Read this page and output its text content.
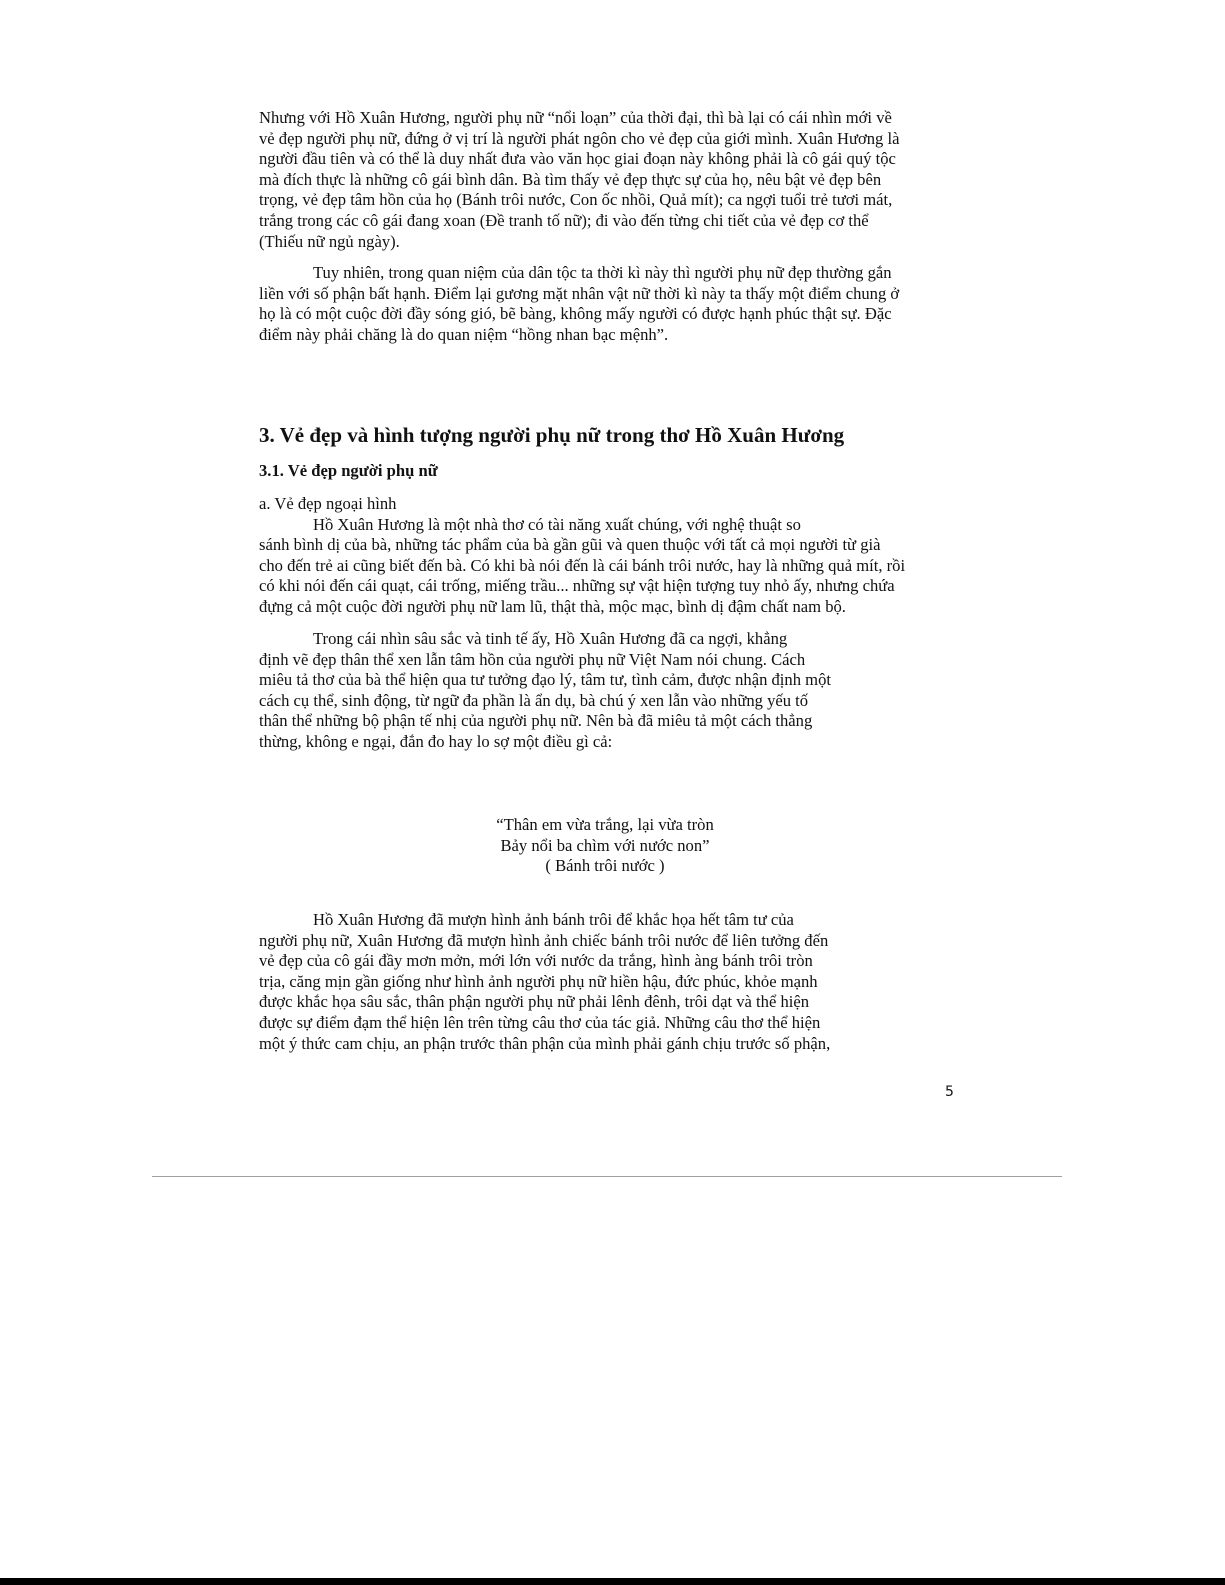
Nhưng với Hồ Xuân Hương, người phụ nữ “nổi loạn” của thời đại, thì bà lại có cái nhìn mới về
vẻ đẹp người phụ nữ, đứng ở vị trí là người phát ngôn cho vẻ đẹp của giới mình. Xuân Hương là
người đầu tiên và có thể là duy nhất đưa vào văn học giai đoạn này không phải là cô gái quý tộc
mà đích thực là những cô gái bình dân. Bà tìm thấy vẻ đẹp thực sự của họ, nêu bật vẻ đẹp bên
trọng, vẻ đẹp tâm hồn của họ (Bánh trôi nước, Con ốc nhồi, Quả mít); ca ngợi tuổi trẻ tươi mát,
trắng trong các cô gái đang xoan (Đề tranh tố nữ); đi vào đến từng chi tiết của vẻ đẹp cơ thể
(Thiếu nữ ngủ ngày).

Tuy nhiên, trong quan niệm của dân tộc ta thời kì này thì người phụ nữ đẹp thường gắn
liền với số phận bất hạnh. Điểm lại gương mặt nhân vật nữ thời kì này ta thấy một điểm chung ở
họ là có một cuộc đời đầy sóng gió, bẽ bàng, không mấy người có được hạnh phúc thật sự. Đặc
điểm này phải chăng là do quan niệm “hồng nhan bạc mệnh”.

3. Vẻ đẹp và hình tượng người phụ nữ trong thơ Hồ Xuân Hương
3.1. Vẻ đẹp người phụ nữ

a. Vẻ đẹp ngoại hình
Hồ Xuân Hương là một nhà thơ có tài năng xuất chúng, với nghệ thuật so
sánh bình dị của bà, những tác phẩm của bà gần gũi và quen thuộc với tất cả mọi người từ già
cho đến trẻ ai cũng biết đến bà. Có khi bà nói đến là cái bánh trôi nước, hay là những quả mít, rồi
có khi nói đến cái quạt, cái trống, miếng trầu... những sự vật hiện tượng tuy nhỏ ấy, nhưng chứa
đựng cả một cuộc đời người phụ nữ lam lũ, thật thà, mộc mạc, bình dị đậm chất nam bộ.

Trong cái nhìn sâu sắc và tinh tế ấy, Hồ Xuân Hương đã ca ngợi, khẳng
định vẽ đẹp thân thể xen lẫn tâm hồn của người phụ nữ Việt Nam nói chung. Cách
miêu tả thơ của bà thể hiện qua tư tưởng đạo lý, tâm tư, tình cảm, được nhận định một
cách cụ thể, sinh động, từ ngữ đa phần là ẩn dụ, bà chú ý xen lẫn vào những yếu tố
thân thể những bộ phận tế nhị của người phụ nữ. Nên bà đã miêu tả một cách thẳng
thừng, không e ngại, đắn đo hay lo sợ một điều gì cả:

“Thân em vừa trắng, lại vừa tròn
Bảy nổi ba chìm với nước non”
( Bánh trôi nước )

Hồ Xuân Hương đã mượn hình ảnh bánh trôi để khắc họa hết tâm tư của
người phụ nữ, Xuân Hương đã mượn hình ảnh chiếc bánh trôi nước để liên tưởng đến
vẻ đẹp của cô gái đầy mơn mởn, mới lớn với nước da trắng, hình àng bánh trôi tròn
trịa, căng mịn gần giống như hình ảnh người phụ nữ hiền hậu, đức phúc, khỏe mạnh
được khắc họa sâu sắc, thân phận người phụ nữ phải lênh đênh, trôi dạt và thể hiện
được sự điểm đạm thể hiện lên trên từng câu thơ của tác giả. Những câu thơ thể hiện
một ý thức cam chịu, an phận trước thân phận của mình phải gánh chịu trước số phận,

5
